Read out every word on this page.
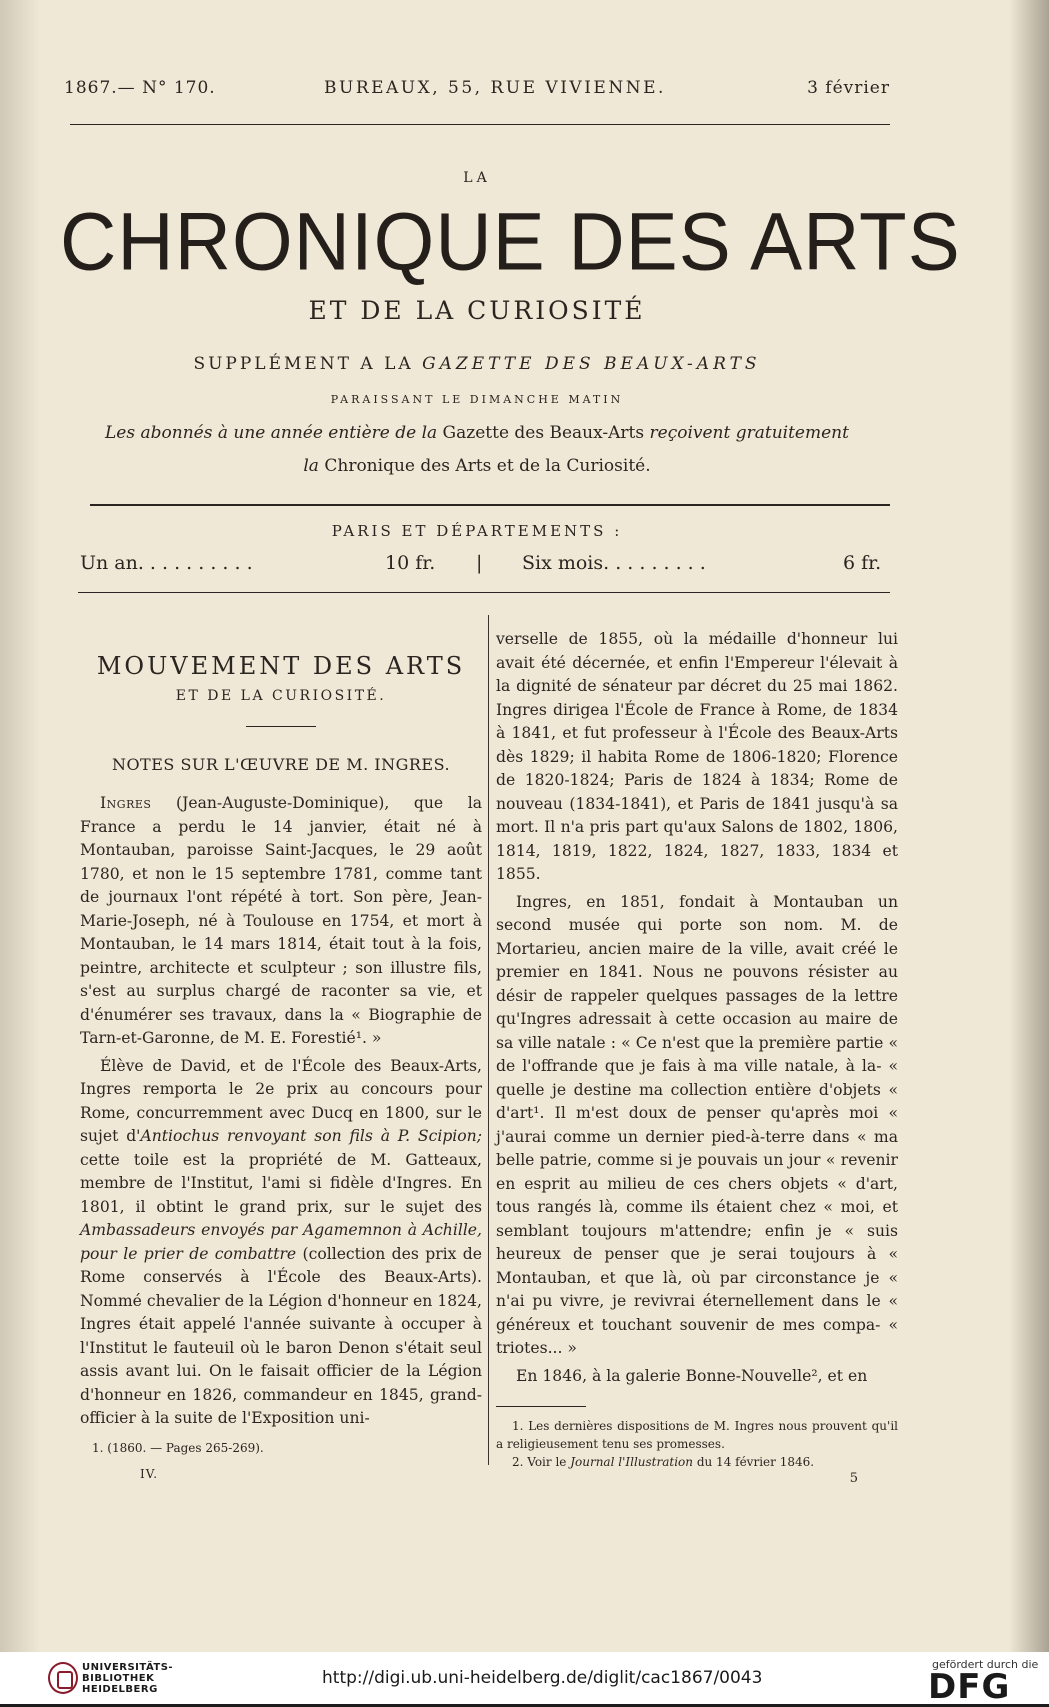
1867.— N° 170.	BUREAUX, 55, RUE VIVIENNE.	3 février
LA
CHRONIQUE DES ARTS
ET DE LA CURIOSITÉ
SUPPLÉMENT A LA GAZETTE DES BEAUX-ARTS
PARAISSANT LE DIMANCHE MATIN
Les abonnés à une année entière de la Gazette des Beaux-Arts reçoivent gratuitement
la Chronique des Arts et de la Curiosité.
PARIS ET DÉPARTEMENTS :
Un an. . . . . . . . . .	10 fr. | Six mois. . . . . . . . .	6 fr.
MOUVEMENT DES ARTS
ET DE LA CURIOSITÉ.
NOTES SUR L'ŒUVRE DE M. INGRES.

Ingres (Jean-Auguste-Dominique), que la France a perdu le 14 janvier, était né à Montauban, paroisse Saint-Jacques, le 29 août 1780, et non le 15 septembre 1781, comme tant de journaux l'ont répété à tort. Son père, Jean-Marie-Joseph, né à Toulouse en 1754, et mort à Montauban, le 14 mars 1814, était tout à la fois, peintre, architecte et sculpteur ; son illustre fils, s'est au surplus chargé de raconter sa vie, et d'énumérer ses travaux, dans la « Biographie de Tarn-et-Garonne, de M. E. Forestié¹. »

Élève de David, et de l'École des Beaux-Arts, Ingres remporta le 2e prix au concours pour Rome, concurremment avec Ducq en 1800, sur le sujet d'Antiochus renvoyant son fils à P. Scipion; cette toile est la propriété de M. Gatteaux, membre de l'Institut, l'ami si fidèle d'Ingres. En 1801, il obtint le grand prix, sur le sujet des Ambassadeurs envoyés par Agamemnon à Achille, pour le prier de combattre (collection des prix de Rome conservés à l'École des Beaux-Arts). Nommé chevalier de la Légion d'honneur en 1824, Ingres était appelé l'année suivante à occuper à l'Institut le fauteuil où le baron Denon s'était seul assis avant lui. On le faisait officier de la Légion d'honneur en 1826, commandeur en 1845, grand-officier à la suite de l'Exposition uni-

1. (1860. — Pages 265-269).

IV.

verselle de 1855, où la médaille d'honneur lui avait été décernée, et enfin l'Empereur l'élevait à la dignité de sénateur par décret du 25 mai 1862. Ingres dirigea l'École de France à Rome, de 1834 à 1841, et fut professeur à l'École des Beaux-Arts dès 1829; il habita Rome de 1806-1820; Florence de 1820-1824; Paris de 1824 à 1834; Rome de nouveau (1834-1841), et Paris de 1841 jusqu'à sa mort. Il n'a pris part qu'aux Salons de 1802, 1806, 1814, 1819, 1822, 1824, 1827, 1833, 1834 et 1855.

Ingres, en 1851, fondait à Montauban un second musée qui porte son nom. M. de Mortarieu, ancien maire de la ville, avait créé le premier en 1841. Nous ne pouvons résister au désir de rappeler quelques passages de la lettre qu'Ingres adressait à cette occasion au maire de sa ville natale : « Ce n'est que la première partie « de l'offrande que je fais à ma ville natale, à la- « quelle je destine ma collection entière d'objets « d'art¹. Il m'est doux de penser qu'après moi « j'aurai comme un dernier pied-à-terre dans « ma belle patrie, comme si je pouvais un jour « revenir en esprit au milieu de ces chers objets « d'art, tous rangés là, comme ils étaient chez « moi, et semblant toujours m'attendre; enfin je « suis heureux de penser que je serai toujours à « Montauban, et que là, où par circonstance je « n'ai pu vivre, je revivrai éternellement dans le « généreux et touchant souvenir de mes compa- « triotes... »

En 1846, à la galerie Bonne-Nouvelle², et en

1. Les dernières dispositions de M. Ingres nous prouvent qu'il a religieusement tenu ses promesses.

2. Voir le Journal l'Illustration du 14 février 1846.

5

UNIVERSITÄTS-
BIBLIOTHEK
HEIDELBERG
http://digi.ub.uni-heidelberg.de/diglit/cac1867/0043
gefördert durch die
DFG
